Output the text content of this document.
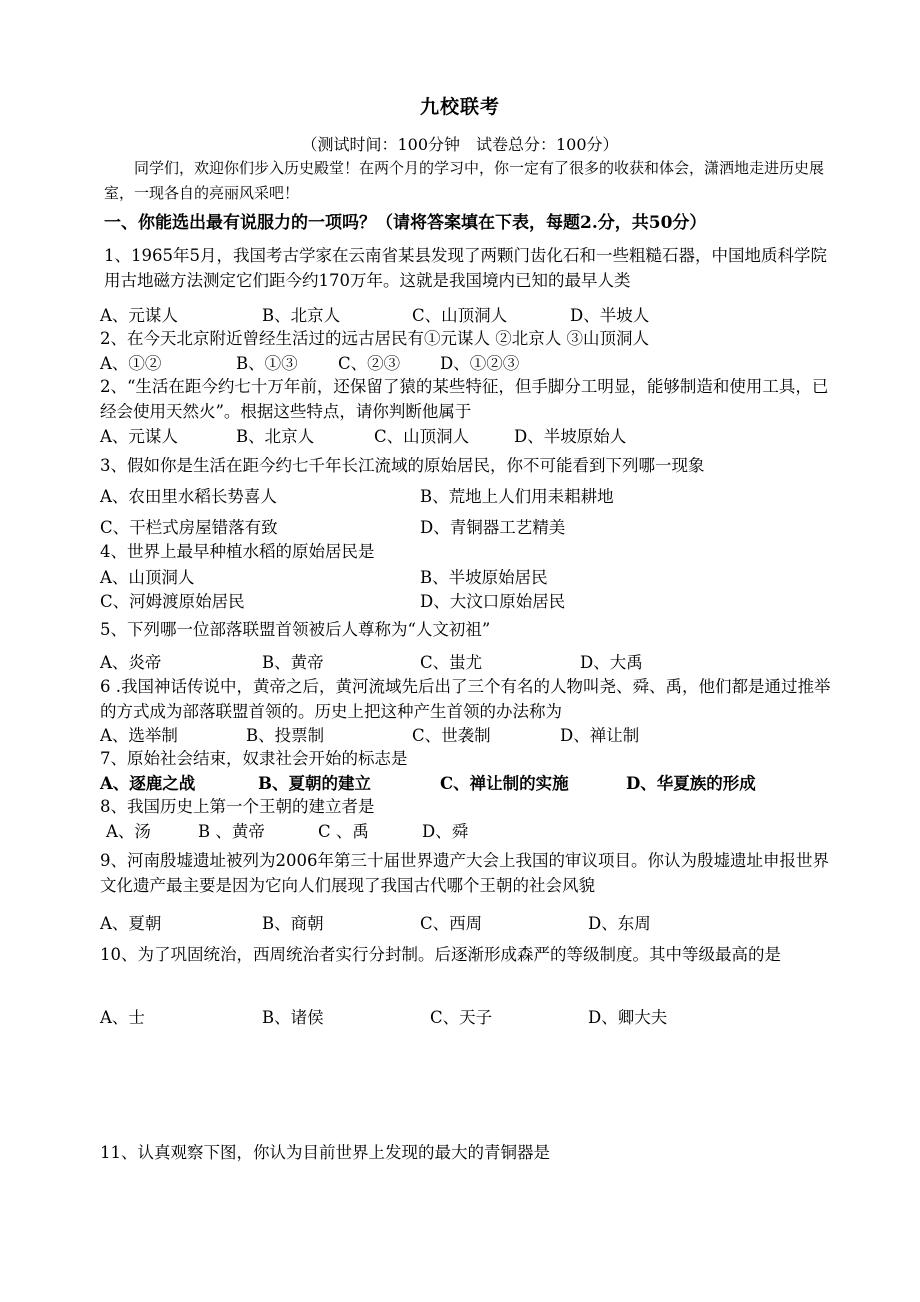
九校联考
（测试时间：100分钟　试卷总分：100分）
同学们，欢迎你们步入历史殿堂！在两个月的学习中，你一定有了很多的收获和体会，潇洒地走进历史展室，一现各自的亮丽风采吧！
一、你能选出最有说服力的一项吗？（请将答案填在下表，每题2.分，共50分）
1、1965年5月，我国考古学家在云南省某县发现了两颗门齿化石和一些粗糙石器，中国地质科学院用古地磁方法测定它们距今约170万年。这就是我国境内已知的最早人类
A、元谋人	B、北京人	C、山顶洞人	D、半坡人
2、在今天北京附近曾经生活过的远古居民有①元谋人 ②北京人 ③山顶洞人
A、①②	B、①③ C、②③ D、①②③
2、“生活在距今约七十万年前，还保留了猿的某些特征，但手脚分工明显，能够制造和使用工具，已经会使用天然火”。根据这些特点，请你判断他属于
A、元谋人	B、北京人	C、山顶洞人	D、半坡原始人
3、假如你是生活在距今约七千年长江流域的原始居民，你不可能看到下列哪一现象
A、农田里水稻长势喜人	B、荒地上人们用耒耜耕地
C、干栏式房屋错落有致	D、青铜器工艺精美
4、世界上最早种植水稻的原始居民是
A、山顶洞人	B、半坡原始居民
C、河姆渡原始居民	D、大汶口原始居民
5、下列哪一位部落联盟首领被后人尊称为“人文初祖”
A、炎帝	B、黄帝	C、蚩尤	D、大禹
6 .我国神话传说中，黄帝之后，黄河流域先后出了三个有名的人物叫尧、舜、禹，他们都是通过推举的方式成为部落联盟首领的。历史上把这种产生首领的办法称为
A、选举制	B、投票制	C、世袭制	D、禅让制
7、原始社会结束，奴隶社会开始的标志是
A、逐鹿之战	B、夏朝的建立	C、禅让制的实施	D、华夏族的形成
8、我国历史上第一个王朝的建立者是
A、汤	B 、黄帝	C 、禹	D、舜
9、河南殷墟遗址被列为2006年第三十届世界遗产大会上我国的审议项目。你认为殷墟遗址申报世界文化遗产最主要是因为它向人们展现了我国古代哪个王朝的社会风貌
A、夏朝	B、商朝	C、西周	D、东周
10、为了巩固统治，西周统治者实行分封制。后逐渐形成森严的等级制度。其中等级最高的是
A、士	B、诸侯	C、天子	D、卿大夫
11、认真观察下图，你认为目前世界上发现的最大的青铜器是
